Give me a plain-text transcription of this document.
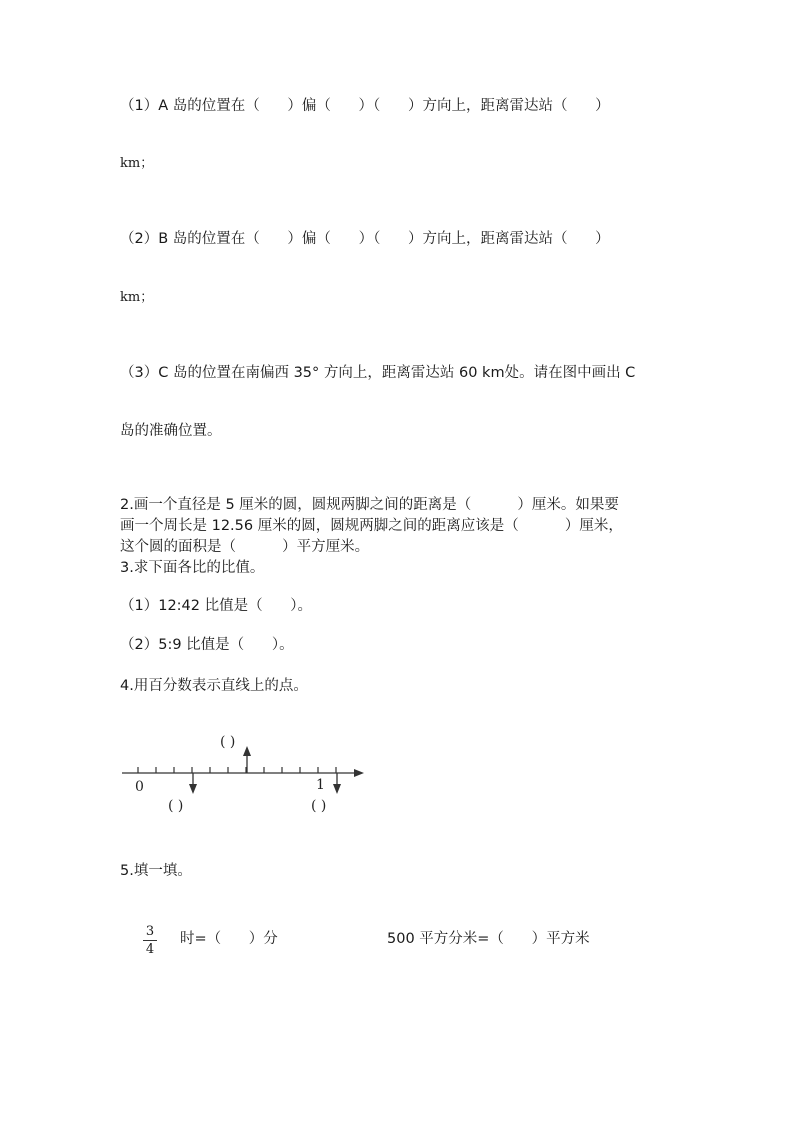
（1）A 岛的位置在（      ）偏（      ）（      ）方向上，距离雷达站（      ）
km；
（2）B 岛的位置在（      ）偏（      ）（      ）方向上，距离雷达站（      ）
km；
（3）C 岛的位置在南偏西 35° 方向上，距离雷达站 60 km处。请在图中画出 C
岛的准确位置。
2.画一个直径是 5 厘米的圆，圆规两脚之间的距离是（          ）厘米。如果要
画一个周长是 12.56 厘米的圆，圆规两脚之间的距离应该是（          ）厘米，
这个圆的面积是（          ）平方厘米。
3.求下面各比的比值。
（1）12:42 比值是（      ）。
（2）5:9 比值是（      ）。
4.用百分数表示直线上的点。
0	1
( )
( )	( )
5.填一填。
3
4
时=（      ）分	500 平方分米=（      ）平方米
